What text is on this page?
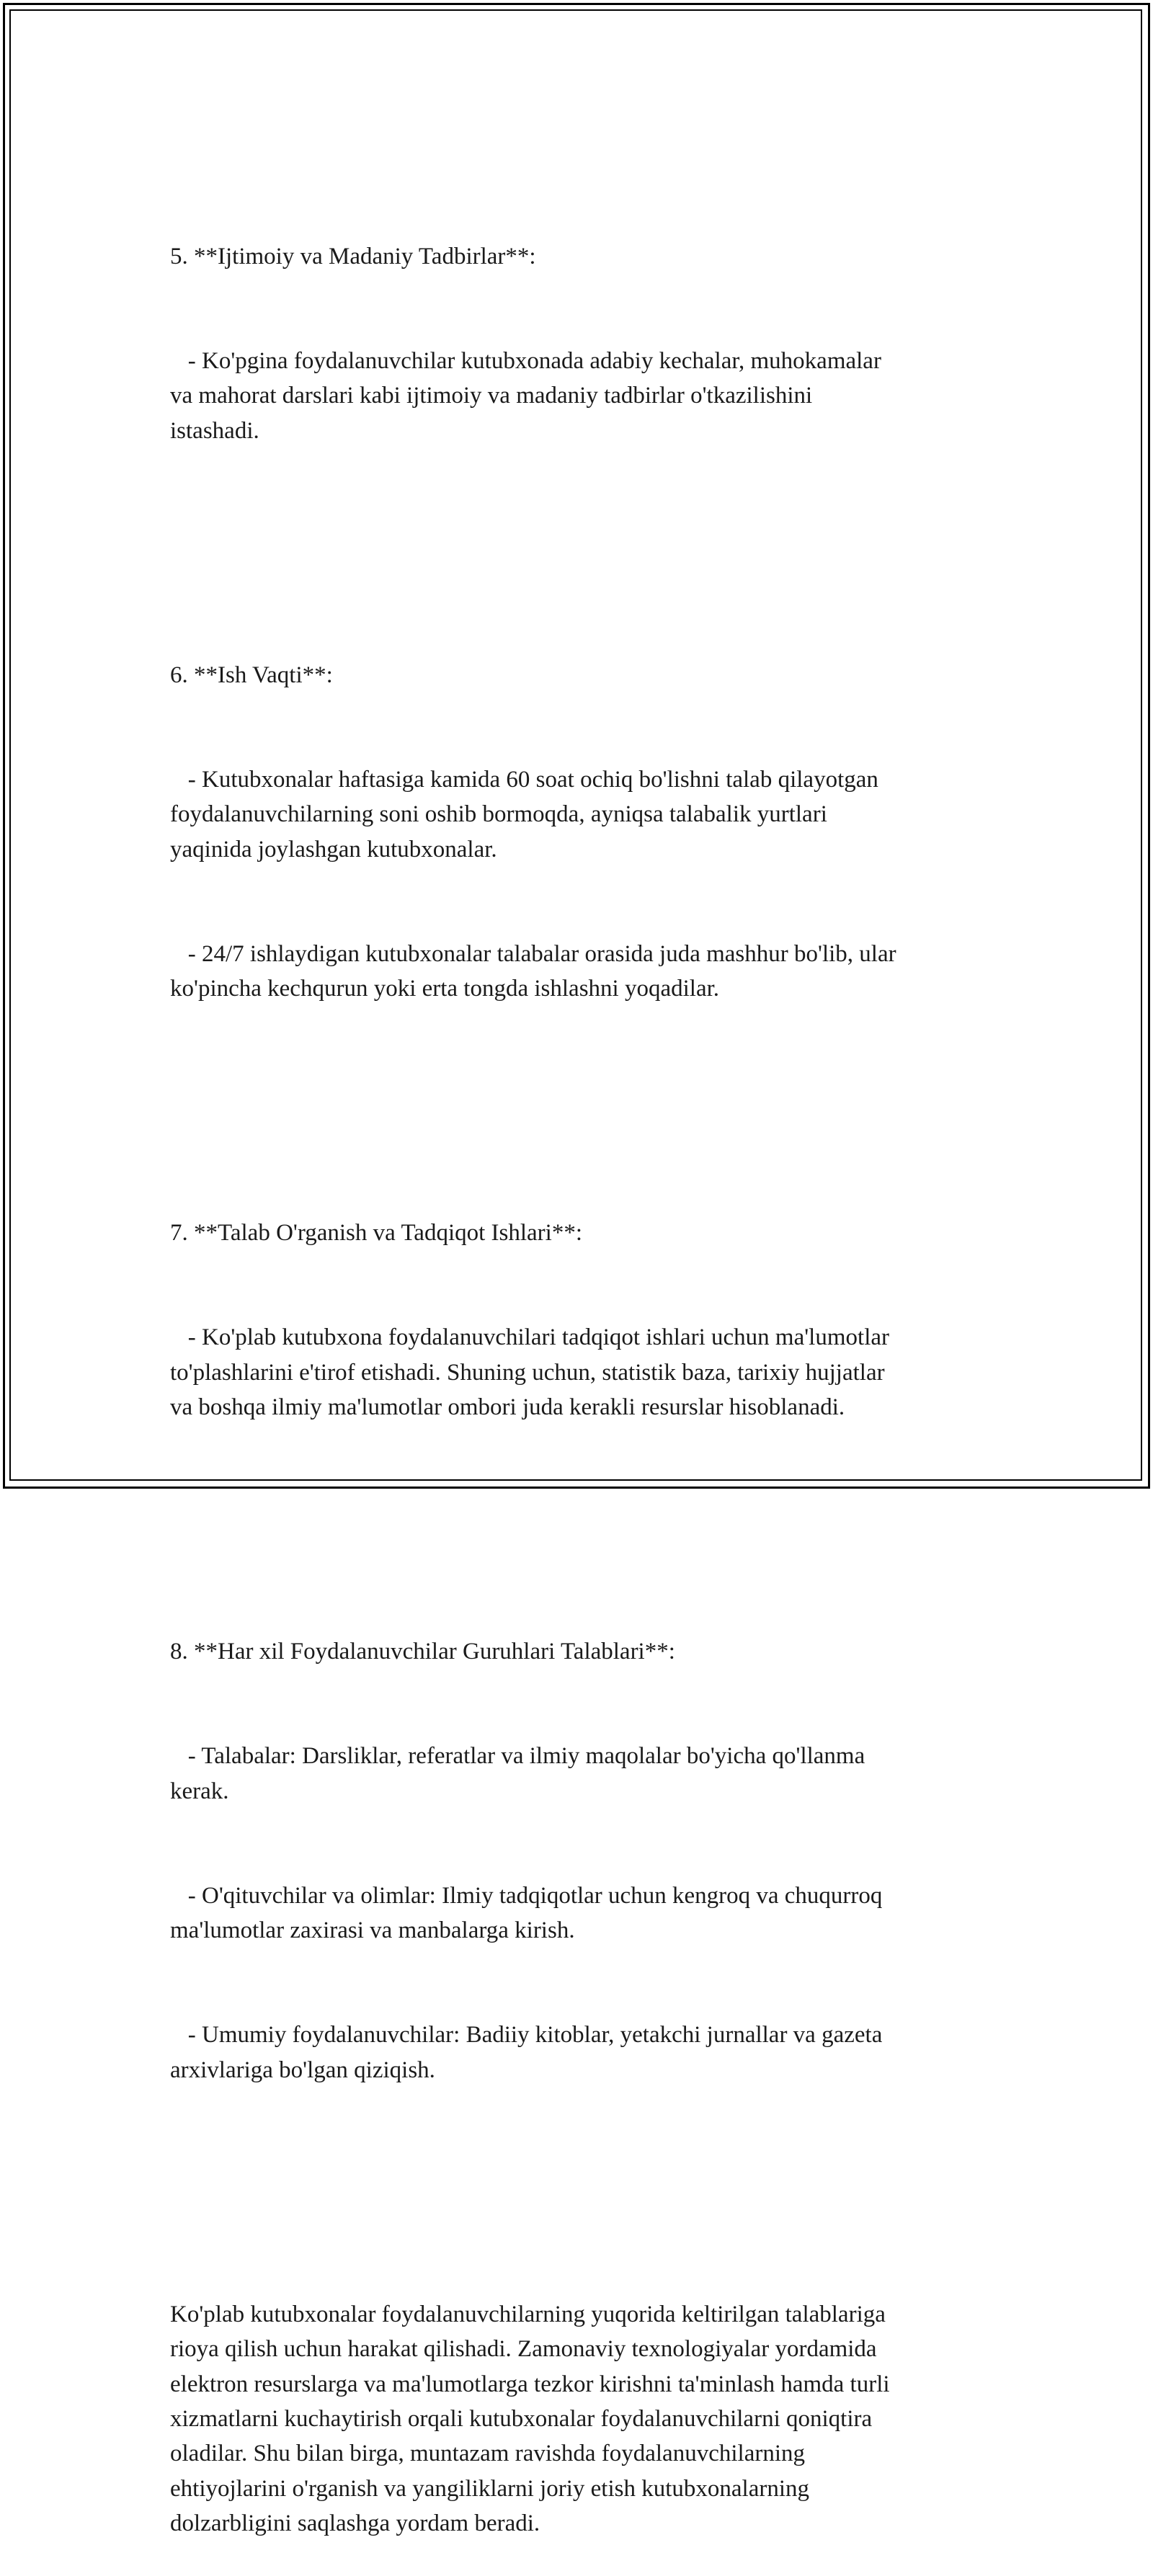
5. **Ijtimoiy va Madaniy Tadbirlar**:

- Ko'pgina foydalanuvchilar kutubxonada adabiy kechalar, muhokamalar
va mahorat darslari kabi ijtimoiy va madaniy tadbirlar o'tkazilishini
istashadi.

6. **Ish Vaqti**:

- Kutubxonalar haftasiga kamida 60 soat ochiq bo'lishni talab qilayotgan
foydalanuvchilarning soni oshib bormoqda, ayniqsa talabalik yurtlari
yaqinida joylashgan kutubxonalar.

- 24/7 ishlaydigan kutubxonalar talabalar orasida juda mashhur bo'lib, ular
ko'pincha kechqurun yoki erta tongda ishlashni yoqadilar.

7. **Talab O'rganish va Tadqiqot Ishlari**:

- Ko'plab kutubxona foydalanuvchilari tadqiqot ishlari uchun ma'lumotlar
to'plashlarini e'tirof etishadi. Shuning uchun, statistik baza, tarixiy hujjatlar
va boshqa ilmiy ma'lumotlar ombori juda kerakli resurslar hisoblanadi.

8. **Har xil Foydalanuvchilar Guruhlari Talablari**:

- Talabalar: Darsliklar, referatlar va ilmiy maqolalar bo'yicha qo'llanma
kerak.

- O'qituvchilar va olimlar: Ilmiy tadqiqotlar uchun kengroq va chuqurroq
ma'lumotlar zaxirasi va manbalarga kirish.

- Umumiy foydalanuvchilar: Badiiy kitoblar, yetakchi jurnallar va gazeta
arxivlariga bo'lgan qiziqish.

Ko'plab kutubxonalar foydalanuvchilarning yuqorida keltirilgan talablariga
rioya qilish uchun harakat qilishadi. Zamonaviy texnologiyalar yordamida
elektron resurslarga va ma'lumotlarga tezkor kirishni ta'minlash hamda turli
xizmatlarni kuchaytirish orqali kutubxonalar foydalanuvchilarni qoniqtira
oladilar. Shu bilan birga, muntazam ravishda foydalanuvchilarning
ehtiyojlarini o'rganish va yangiliklarni joriy etish kutubxonalarning
dolzarbligini saqlashga yordam beradi.
